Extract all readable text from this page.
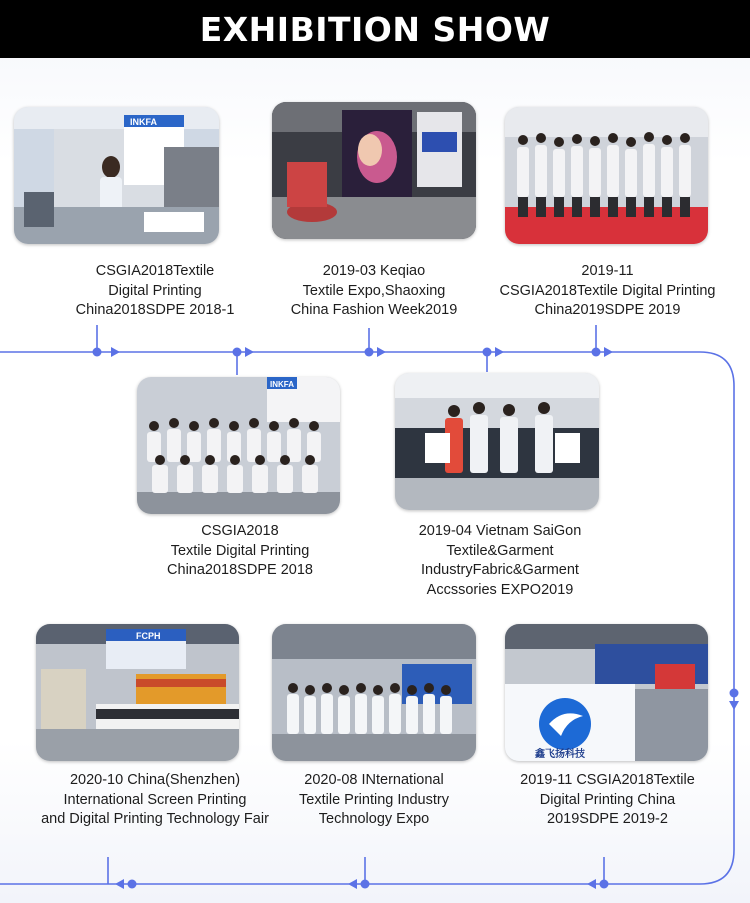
EXHIBITION SHOW
INKFA
CSGIA2018Textile
Digital Printing
China2018SDPE 2018-1
2019-03 Keqiao
Textile Expo,Shaoxing
China Fashion Week2019
2019-11
CSGIA2018Textile Digital Printing
China2019SDPE 2019
INKFA
CSGIA2018
Textile Digital Printing
China2018SDPE 2018
2019-04 Vietnam SaiGon
Textile&Garment
IndustryFabric&Garment
Accssories EXPO2019
FCPH
鑫飞扬科技
2020-10 China(Shenzhen)
International Screen Printing
and Digital Printing Technology Fair
2020-08 INternational
Textile Printing Industry
Technology Expo
2019-11 CSGIA2018Textile
Digital Printing China
2019SDPE 2019-2
